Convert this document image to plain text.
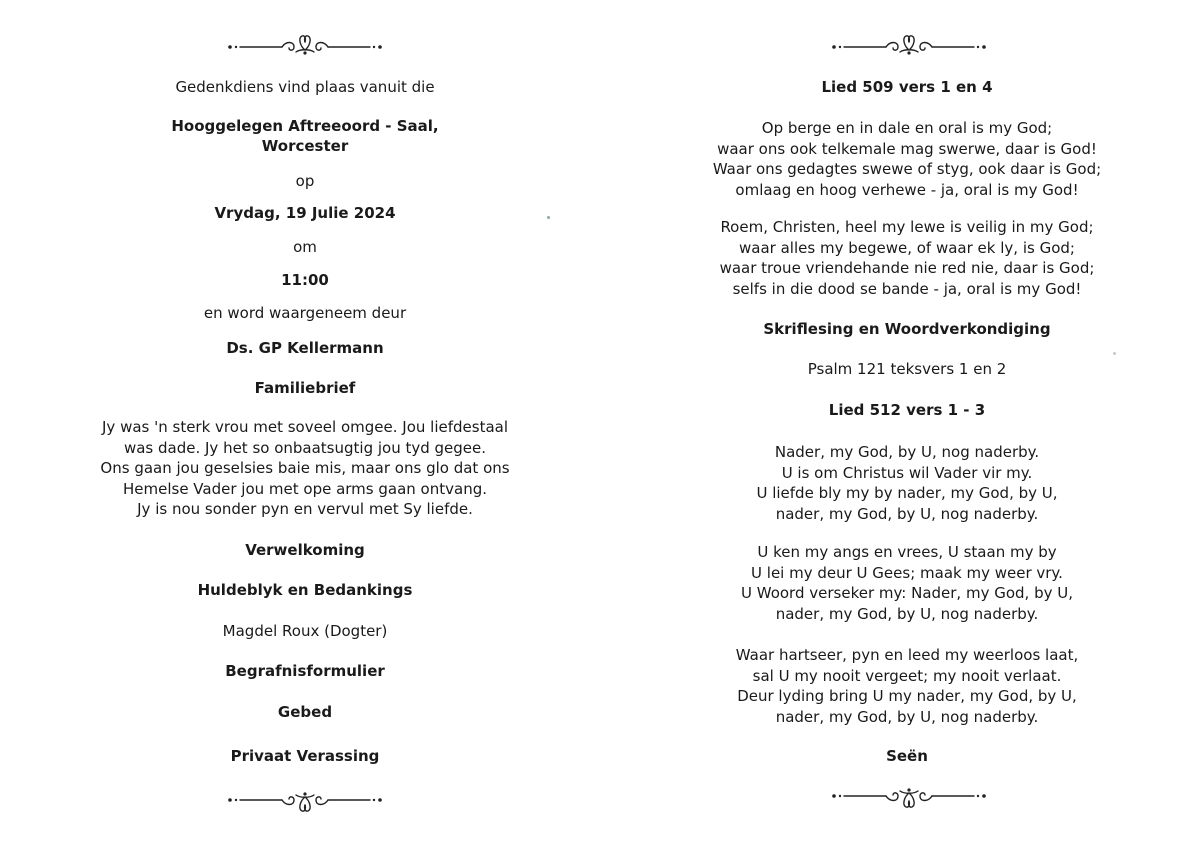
Gedenkdiens vind plaas vanuit die
Hooggelegen Aftreeoord - Saal,
Worcester
op
Vrydag, 19 Julie 2024
om
11:00
en word waargeneem deur
Ds. GP Kellermann
Familiebrief
Jy was 'n sterk vrou met soveel omgee. Jou liefdestaal
was dade. Jy het so onbaatsugtig jou tyd gegee.
Ons gaan jou geselsies baie mis, maar ons glo dat ons
Hemelse Vader jou met ope arms gaan ontvang.
Jy is nou sonder pyn en vervul met Sy liefde.
Verwelkoming
Huldeblyk en Bedankings
Magdel Roux (Dogter)
Begrafnisformulier
Gebed
Privaat Verassing
Lied 509 vers 1 en 4
Op berge en in dale en oral is my God;
waar ons ook telkemale mag swerwe, daar is God!
Waar ons gedagtes swewe of styg, ook daar is God;
omlaag en hoog verhewe - ja, oral is my God!
Roem, Christen, heel my lewe is veilig in my God;
waar alles my begewe, of waar ek ly, is God;
waar troue vriendehande nie red nie, daar is God;
selfs in die dood se bande - ja, oral is my God!
Skriflesing en Woordverkondiging
Psalm 121 teksvers 1 en 2
Lied 512 vers 1 - 3
Nader, my God, by U, nog naderby.
U is om Christus wil Vader vir my.
U liefde bly my by nader, my God, by U,
nader, my God, by U, nog naderby.
U ken my angs en vrees, U staan my by
U lei my deur U Gees; maak my weer vry.
U Woord verseker my: Nader, my God, by U,
nader, my God, by U, nog naderby.
Waar hartseer, pyn en leed my weerloos laat,
sal U my nooit vergeet; my nooit verlaat.
Deur lyding bring U my nader, my God, by U,
nader, my God, by U, nog naderby.
Seën
